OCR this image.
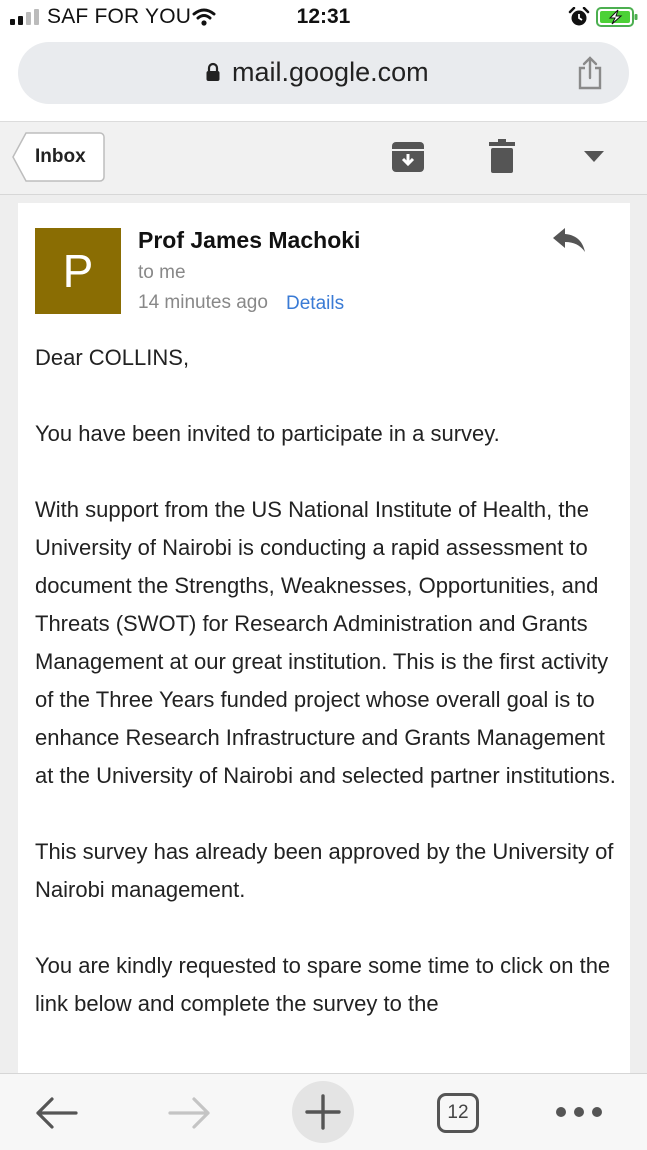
SAF FOR YOU	12:31
mail.google.com
Inbox
P
Prof James Machoki
to me
14 minutes ago Details

Dear COLLINS,

You have been invited to participate in a survey.

With support from the US National Institute of Health, the University of Nairobi is conducting a rapid assessment to document the Strengths, Weaknesses, Opportunities, and Threats (SWOT) for Research Administration and Grants Management at our great institution. This is the first activity of the Three Years funded project whose overall goal is to enhance Research Infrastructure and Grants Management at the University of Nairobi and selected partner institutions.

This survey has already been approved by the University of Nairobi management.

You are kindly requested to spare some time to click on the link below and complete the survey to the

12
